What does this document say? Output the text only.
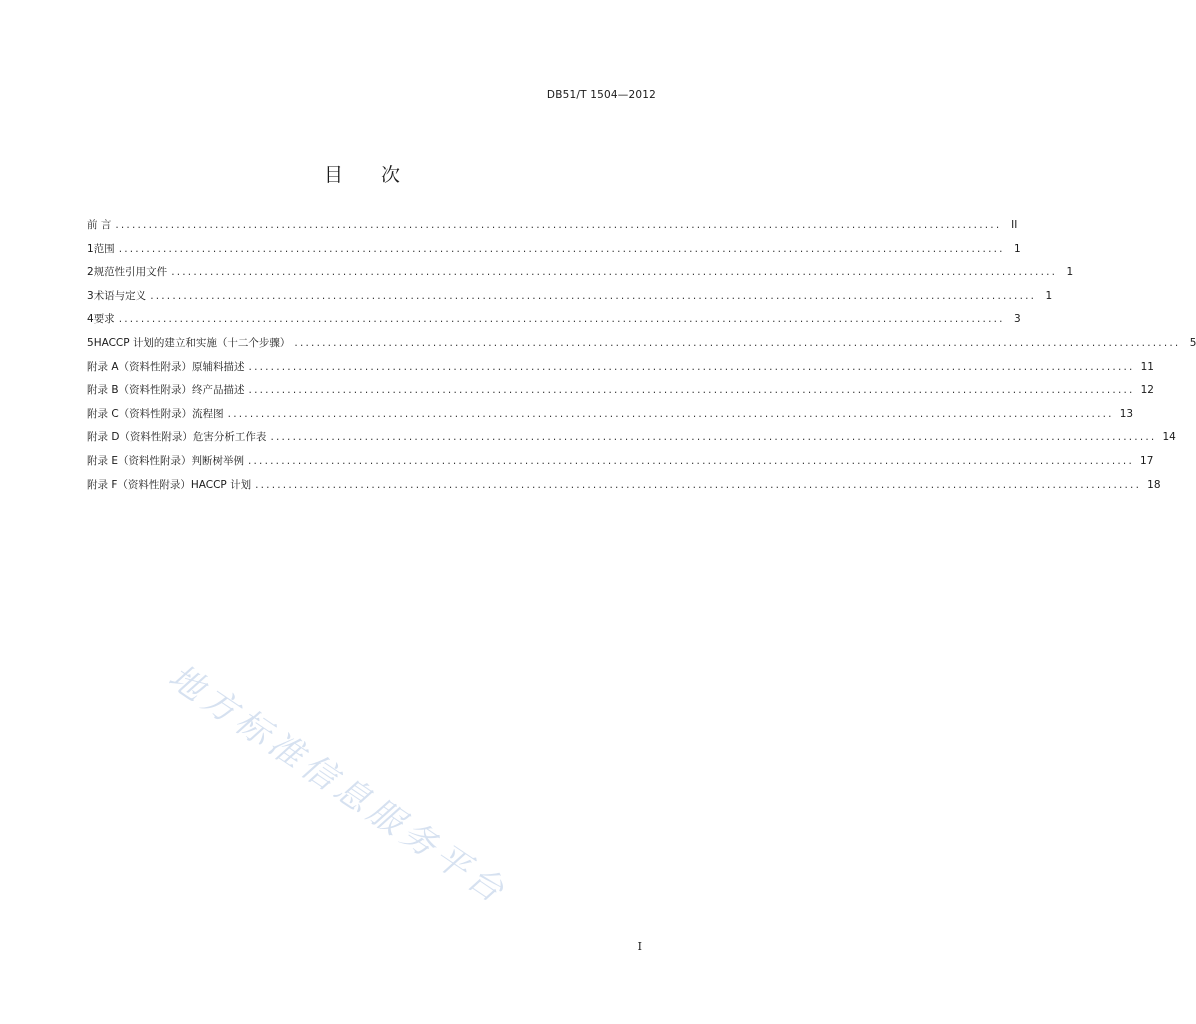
DB51/T 1504—2012
目 次
前 言 ................................................................................................................................................................ II
1 范围 ................................................................................................................................................................ 1
2 规范性引用文件 ................................................................................................................................................................ 1
3 术语与定义 ................................................................................................................................................................ 1
4 要求 ................................................................................................................................................................ 3
5 HACCP 计划的建立和实施（十二个步骤） ................................................................................................................................................................ 5
附录 A（资料性附录）原辅料描述 ................................................................................................................................................................ 11
附录 B（资料性附录）终产品描述 ................................................................................................................................................................ 12
附录 C（资料性附录）流程图 ................................................................................................................................................................ 13
附录 D（资料性附录）危害分析工作表 ................................................................................................................................................................ 14
附录 E（资料性附录）判断树举例 ................................................................................................................................................................ 17
附录 F（资料性附录）HACCP 计划 ................................................................................................................................................................ 18
地方标准信息服务平台
I
